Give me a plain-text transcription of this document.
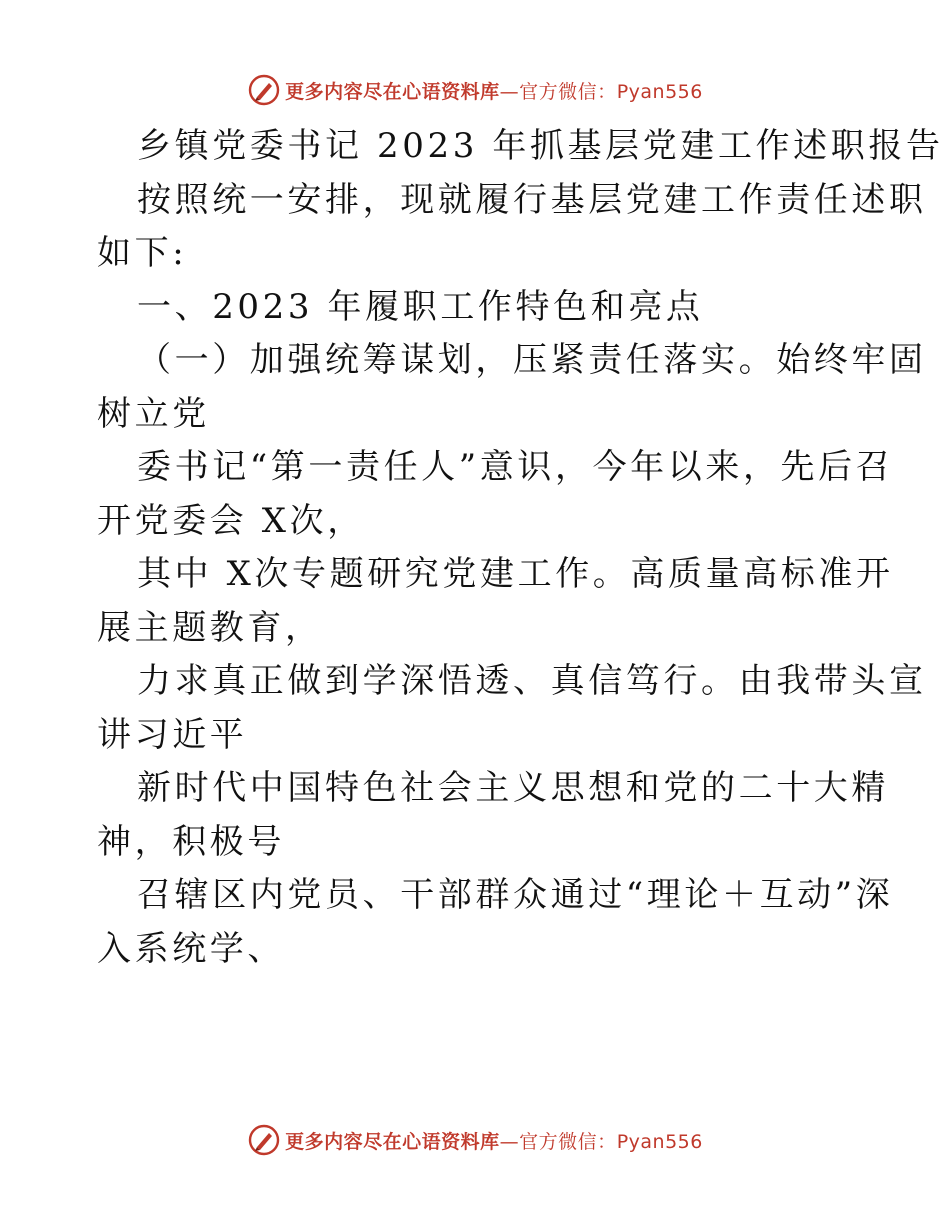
更多内容尽在心语资料库—官方微信：Pyan556
乡镇党委书记 2023 年抓基层党建工作述职报告
按照统一安排，现就履行基层党建工作责任述职
如下:
一、2023 年履职工作特色和亮点
（一）加强统筹谋划，压紧责任落实。始终牢固
树立党
委书记“第一责任人”意识，今年以来，先后召
开党委会 X次，
其中 X次专题研究党建工作。高质量高标准开
展主题教育，
力求真正做到学深悟透、真信笃行。由我带头宣
讲习近平
新时代中国特色社会主义思想和党的二十大精
神，积极号
召辖区内党员、干部群众通过“理论＋互动”深
入系统学、
更多内容尽在心语资料库—官方微信：Pyan556
